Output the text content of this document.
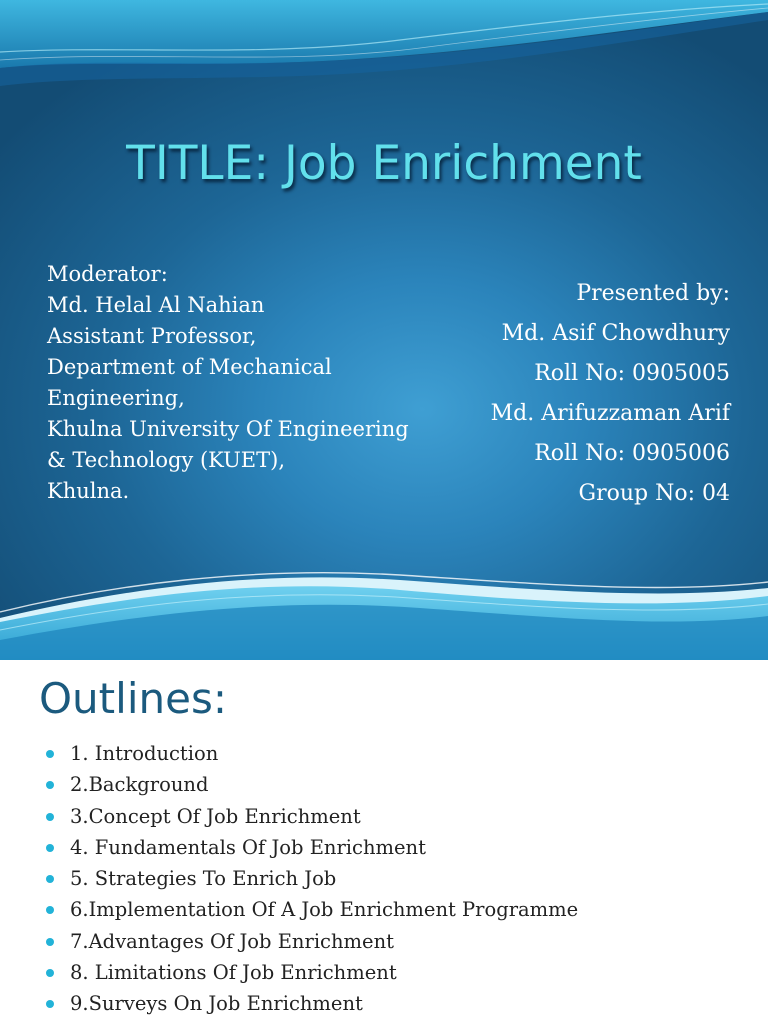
TITLE: Job Enrichment
Moderator:
Md. Helal Al Nahian
Assistant Professor,
Department of Mechanical
Engineering,
Khulna University Of Engineering
& Technology (KUET),
Khulna.
Presented by:
Md. Asif Chowdhury
Roll No: 0905005
Md. Arifuzzaman Arif
Roll No: 0905006
Group No: 04
Outlines:
1. Introduction
2.Background
3.Concept Of Job Enrichment
4. Fundamentals Of Job Enrichment
5. Strategies To Enrich Job
6.Implementation Of A Job Enrichment Programme
7.Advantages Of Job Enrichment
8. Limitations Of Job Enrichment
9.Surveys On Job Enrichment
